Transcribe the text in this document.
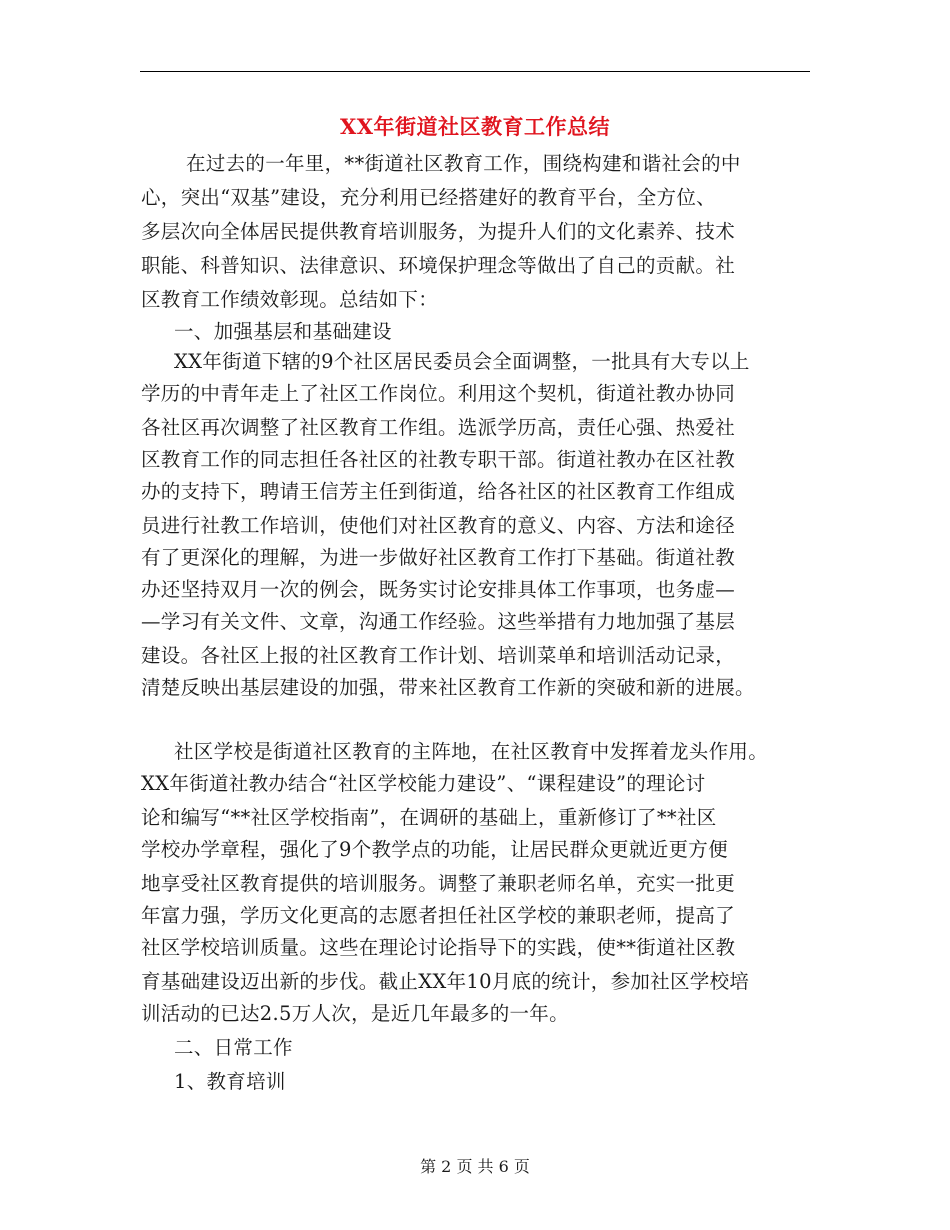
XX年街道社区教育工作总结
在过去的一年里，**街道社区教育工作，围绕构建和谐社会的中
心，突出“双基”建设，充分利用已经搭建好的教育平台，全方位、
多层次向全体居民提供教育培训服务，为提升人们的文化素养、技术
职能、科普知识、法律意识、环境保护理念等做出了自己的贡献。社
区教育工作绩效彰现。总结如下：
一、加强基层和基础建设
XX年街道下辖的9个社区居民委员会全面调整，一批具有大专以上
学历的中青年走上了社区工作岗位。利用这个契机，街道社教办协同
各社区再次调整了社区教育工作组。选派学历高，责任心强、热爱社
区教育工作的同志担任各社区的社教专职干部。街道社教办在区社教
办的支持下，聘请王信芳主任到街道，给各社区的社区教育工作组成
员进行社教工作培训，使他们对社区教育的意义、内容、方法和途径
有了更深化的理解，为进一步做好社区教育工作打下基础。街道社教
办还坚持双月一次的例会，既务实讨论安排具体工作事项，也务虚—
—学习有关文件、文章，沟通工作经验。这些举措有力地加强了基层
建设。各社区上报的社区教育工作计划、培训菜单和培训活动记录，
清楚反映出基层建设的加强，带来社区教育工作新的突破和新的进展。
社区学校是街道社区教育的主阵地，在社区教育中发挥着龙头作用。
XX年街道社教办结合“社区学校能力建设”、“课程建设”的理论讨
论和编写“**社区学校指南”，在调研的基础上，重新修订了**社区
学校办学章程，强化了9个教学点的功能，让居民群众更就近更方便
地享受社区教育提供的培训服务。调整了兼职老师名单，充实一批更
年富力强，学历文化更高的志愿者担任社区学校的兼职老师，提高了
社区学校培训质量。这些在理论讨论指导下的实践，使**街道社区教
育基础建设迈出新的步伐。截止XX年10月底的统计，参加社区学校培
训活动的已达2.5万人次，是近几年最多的一年。
二、日常工作
1、教育培训
第 2 页 共 6 页
